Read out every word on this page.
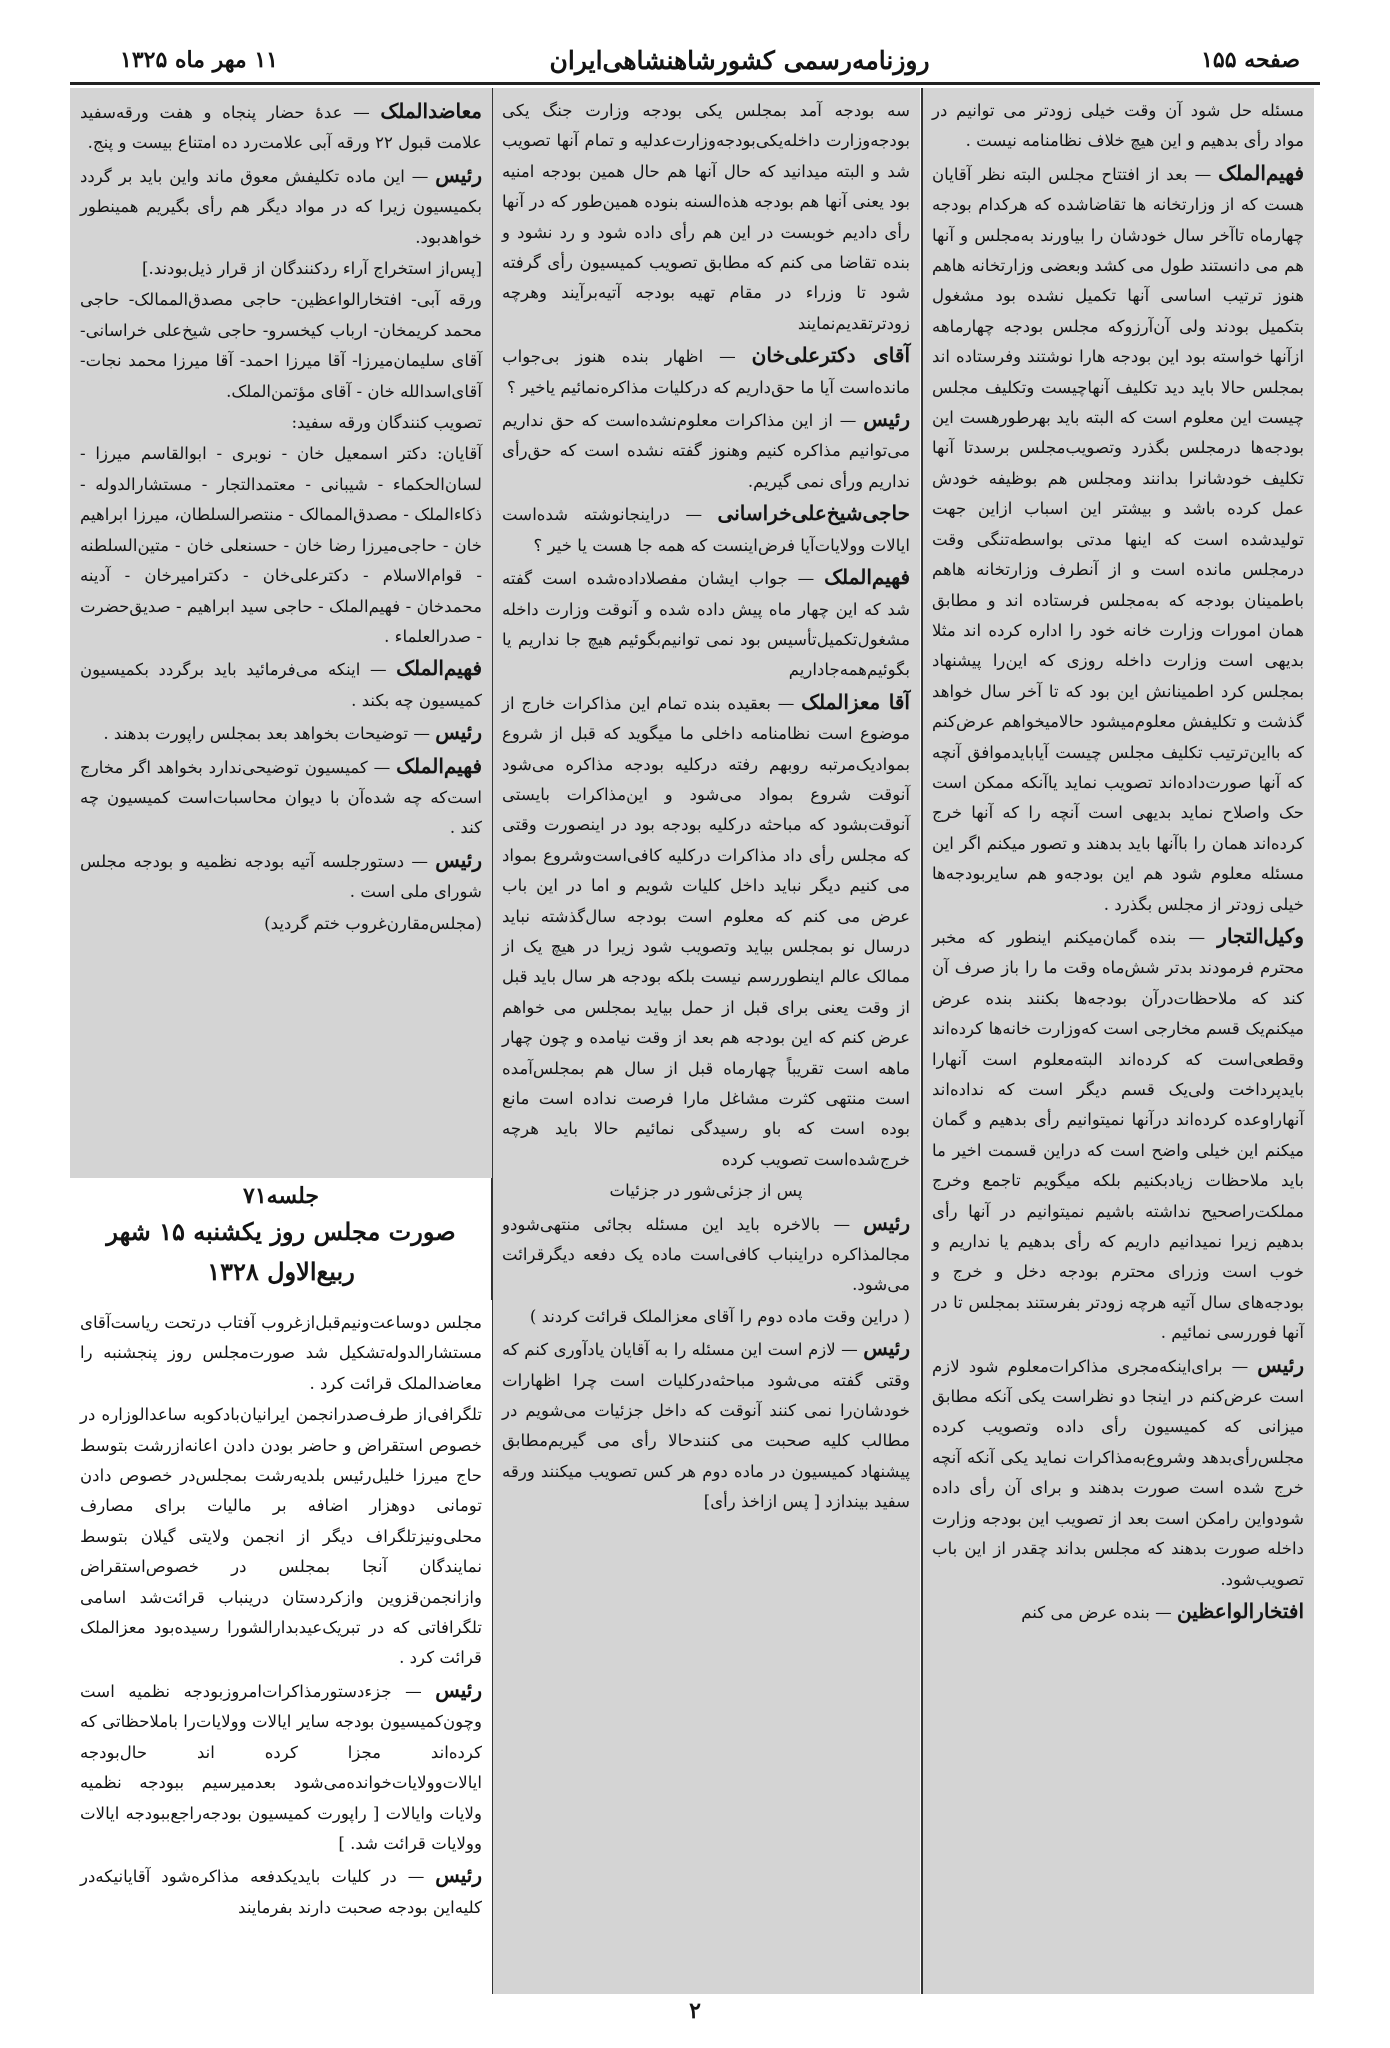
صفحه ۱۵۵
روزنامه‌رسمی کشورشاهنشاهی‌ایران
۱۱ مهر ماه ۱۳۲۵

مسئله حل شود آن وقت خیلی زودتر می توانیم در مواد رأی بدهیم و این هیچ خلاف نظامنامه نیست .

فهیم‌الملک — بعد از افتتاح مجلس البته نظر آقایان هست که از وزارتخانه ها تقاضاشده که هرکدام بودجه چهارماه تاآخر سال خودشان را بیاورند به‌مجلس و آنها هم می دانستند طول می کشد وبعضی وزارتخانه هاهم هنوز ترتیب اساسی آنها تکمیل نشده بود مشغول بتکمیل بودند ولی آن‌آرزوکه مجلس بودجه چهارماهه ازآنها خواسته بود این بودجه هارا نوشتند وفرستاده اند بمجلس حالا باید دید تکلیف آنهاچیست وتکلیف مجلس چیست این معلوم است که البته باید بهرطورهست این بودجه‌ها درمجلس بگذرد وتصویب‌مجلس برسدتا آنها تکلیف خودشانرا بدانند ومجلس هم بوظیفه خودش عمل کرده باشد و بیشتر این اسباب ازاین جهت تولیدشده است که اینها مدتی بواسطه‌تنگی وقت درمجلس مانده است و از آنطرف وزارتخانه هاهم باطمینان بودجه که به‌مجلس فرستاده اند و مطابق همان امورات وزارت خانه خود را اداره کرده اند مثلا بدیهی است وزارت داخله روزی که این‌را پیشنهاد بمجلس کرد اطمینانش این بود که تا آخر سال خواهد گذشت و تکلیفش معلوم‌میشود حالامیخواهم عرض‌کنم که بااین‌ترتیب تکلیف مجلس چیست آیاباید‌موافق آنچه که آنها صورت‌داده‌اند تصویب نماید یاآنکه ممکن است حک واصلاح نماید بدیهی است آنچه را که آنها خرج کرده‌اند همان را باآنها باید بدهند و تصور میکنم اگر این مسئله معلوم شود هم این بودجه‌و هم سایربودجه‌ها خیلی زودتر از مجلس بگذرد .

وکیل‌التجار — بنده گمان‌میکنم اینطور که مخبر محترم فرمودند بدتر شش‌ماه وقت ما را باز صرف آن کند که ملاحظات‌درآن بودجه‌ها بکنند بنده عرض میکنم‌یک قسم مخارجی است که‌وزارت خانه‌ها کرده‌اند وقطعی‌است که کرده‌اند البته‌معلوم است آنهارا بایدپرداخت ولی‌یک قسم دیگر است که نداده‌اند آنهارا‌وعده کرده‌اند درآنها نمیتوانیم رأی بدهیم و گمان میکنم این خیلی واضح است که دراین قسمت اخیر ما باید ملاحظات زیادبکنیم بلکه میگویم تاجمع وخرج مملکت‌راصحیح نداشته باشیم نمیتوانیم در آنها رأی بدهیم زیرا نمیدانیم داریم که رأی بدهیم یا نداریم و خوب است وزرای محترم بودجه دخل و خرج و بودجه‌های سال آتیه هرچه زودتر بفرستند بمجلس تا در آنها فوررسی نمائیم .

رئیس — برای‌اینکه‌مجری مذاکرات‌معلوم شود لازم است عرض‌کنم در اینجا دو نظراست یکی آنکه مطابق میزانی که کمیسیون رأی داده وتصویب کرده مجلس‌رأی‌بدهد وشروع‌به‌مذاکرات نماید یکی آنکه آنچه خرج شده است صورت بدهند و برای آن رأی داده شودواین رامکن است بعد از تصویب این بودجه وزارت داخله صورت بدهند که مجلس بداند چقدر از این باب تصویب‌شود.

افتخارالواعظین — بنده عرض می کنم

سه بودجه آمد بمجلس یکی بودجه وزارت جنگ یکی بودجه‌وزارت داخله‌یکی‌بودجه‌وزارت‌عدلیه و تمام آنها تصویب شد و البته میدانید که حال آنها هم حال همین بودجه امنیه بود یعنی آنها هم بودجه هذه‌السنه بنوده همین‌طور که در آنها رأی دادیم خوبست در این هم رأی داده شود و رد نشود و بنده تقاضا می کنم که مطابق تصویب کمیسیون رأی گرفته شود تا وزراء در مقام تهیه بودجه آتیه‌برآیند وهرچه زودتر‌تقدیم‌نمایند

آقای دکترعلی‌خان — اظهار بنده هنوز بی‌جواب مانده‌است آیا ما حق‌داریم که درکلیات مذاکره‌نمائیم یاخیر ؟

رئیس — از این مذاکرات معلوم‌نشده‌است که حق نداریم می‌توانیم مذاکره کنیم وهنوز گفته نشده است که حق‌رأی نداریم ورأی نمی گیریم.

حاجی‌شیخ‌علی‌خراسانی — دراینجانوشته شده‌است ایالات وولایات‌آیا فرض‌اینست که همه جا هست یا خیر ؟

فهیم‌الملک — جواب ایشان مفصلاداده‌شده است گفته شد که این چهار ماه پیش داده شده و آنوقت وزارت داخله مشغول‌تکمیل‌تأسیس بود نمی توانیم‌بگوئیم هیچ جا نداریم یا بگوئیم‌همه‌جاداریم

آقا معزالملک — بعقیده بنده تمام این مذاکرات خارج از موضوع است نظامنامه داخلی ما میگوید که قبل از شروع بمواد‌یک‌مرتبه روبهم رفته درکلیه بودجه مذاکره می‌شود آنوقت شروع بمواد می‌شود و این‌مذاکرات بایستی آنوقت‌بشود که مباحثه درکلیه بودجه بود در اینصورت وقتی که مجلس رأی داد مذاکرات درکلیه کافی‌است‌وشروع بمواد می کنیم دیگر نباید داخل کلیات شویم و اما در این باب عرض می کنم که معلوم است بودجه سال‌گذشته نباید درسال نو بمجلس بیاید وتصویب شود زیرا در هیچ یک از ممالک عالم اینطوررسم نیست بلکه بودجه هر سال باید قبل از وقت یعنی برای قبل از حمل بیاید بمجلس می خواهم عرض کنم که این بودجه هم بعد از وقت نیامده و چون چهار ماهه است تقریباً چهارماه قبل از سال هم بمجلس‌آمده است منتهی کثرت مشاغل مارا فرصت نداده است مانع بوده است که باو رسید‌گی نمائیم حالا باید هرچه خرج‌شده‌است تصویب کرده

پس از جزئی‌شور در جزئیات

رئیس — بالاخره باید این مسئله بجائی منتهی‌شودو مجالمذاکره دراینباب کافی‌است ماده یک دفعه دیگرقرائت می‌شود.

( دراین وقت ماده دوم را آقای معزالملک قرائت کردند )

رئیس — لازم است این مسئله را به آقایان یادآوری کنم که وقتی گفته می‌شود مباحثه‌درکلیات است چرا اظهارات خودشان‌را نمی کنند آنوقت که داخل جزئیات می‌شویم در مطالب کلیه صحبت می کنندحالا رأی می گیریم‌مطابق پیشنهاد کمیسیون در ماده دوم هر کس تصویب میکنند ورقه سفید بیندازد [ پس ازاخذ رأی]

معاضدالملک — عدهٔ حضار پنجاه و هفت ورقه‌سفید علامت قبول ۲۲ ورقه آبی علامت‌رد ده امتناع بیست و پنج.

رئیس — این ماده تکلیفش معوق ماند واین باید بر گردد بکمیسیون زیرا که در مواد دیگر هم رأی بگیریم همینطور خواهدبود.

[پس‌از استخراج آراء ردکنندگان از قرار ذیل‌بودند.]

ورقه آبی- افتخارالواعظین- حاجی مصدق‌الممالک- حاجی محمد کریمخان- ارباب کیخسرو- حاجی شیخ‌علی خراسانی- آقای سلیمان‌میرزا- آقا میرزا احمد- آقا میرزا محمد نجات- آقای‌اسدالله خان - آقای مؤتمن‌الملک.

تصویب کنندگان ورقه سفید:

آقایان: دکتر اسمعیل خان - نوبری - ابوالقاسم میرزا - لسان‌الحکماء - شیبانی - معتمدالتجار - مستشارالدوله - ذکاءالملک - مصدق‌الممالک - منتصرالسلطان، میرزا ابراهیم خان - حاجی‌میرزا رضا خان - حسنعلی خان - متین‌السلطنه - قوام‌الاسلام - دکترعلی‌خان - دکترامیرخان - آدینه محمدخان - فهیم‌الملک - حاجی سید ابراهیم - صدیق‌حضرت - صدرالعلماء .

فهیم‌الملک — اینکه می‌فرمائید باید برگردد بکمیسیون کمیسیون چه بکند .

رئیس — توضیحات بخواهد بعد بمجلس راپورت بدهند .

فهیم‌الملک — کمیسیون توضیحی‌ندارد بخواهد اگر مخارج است‌که چه شده‌آن با دیوان محاسبات‌است کمیسیون چه کند .

رئیس — دستورجلسه آتیه بودجه نظمیه و بودجه مجلس شورای ملی است .

(مجلس‌مقارن‌غروب ختم گردید)

جلسه‌۷۱
صورت مجلس روز یکشنبه ۱۵ شهر ربیع‌الاول ۱۳۲۸

مجلس دوساعت‌ونیم‌قبل‌ازغروب آفتاب درتحت ریاست‌آقای مستشارالدوله‌تشکیل شد صورت‌مجلس روز پنجشنبه را معاضدالملک قرائت کرد .

تلگرافی‌از طرف‌صدرانجمن ایرانیان‌باد‌کوبه ساعدالوزاره در خصوص استقراض و حاضر بودن دادن اعانه‌ازرشت بتوسط حاج میرزا خلیل‌رئیس بلدیه‌رشت بمجلس‌در خصوص دادن تومانی دوهزار اضافه بر مالیات برای مصارف محلی‌ونیز‌تلگراف دیگر از انجمن ولایتی گیلان بتوسط نمایندگان آنجا بمجلس در خصوص‌استقراض وازانجمن‌قزوین واز‌کردستان درینباب قرائت‌شد اسامی تلگرافاتی که در تبریک‌عید‌بدارالشورا رسیده‌بود معزالملک قرائت کرد .

رئیس — جزءدستورمذاکرات‌امروزبودجه نظمیه است وچون‌کمیسیون بودجه سایر ایالات وولایات‌را با‌ملاحظاتی که کرده‌اند مجزا کرده اند حال‌بودجه ایالات‌وولایات‌خوانده‌می‌شود بعد‌میرسیم ببودجه نظمیه ولایات وایالات [ راپورت کمیسیون بودجه‌راجع‌ببودجه ایالات وولایات قرائت شد. ]

رئیس — در کلیات بایدیکدفعه مذاکره‌شود آقایانیکه‌در کلیه‌این بودجه صحبت دارند بفرمایند

۲
